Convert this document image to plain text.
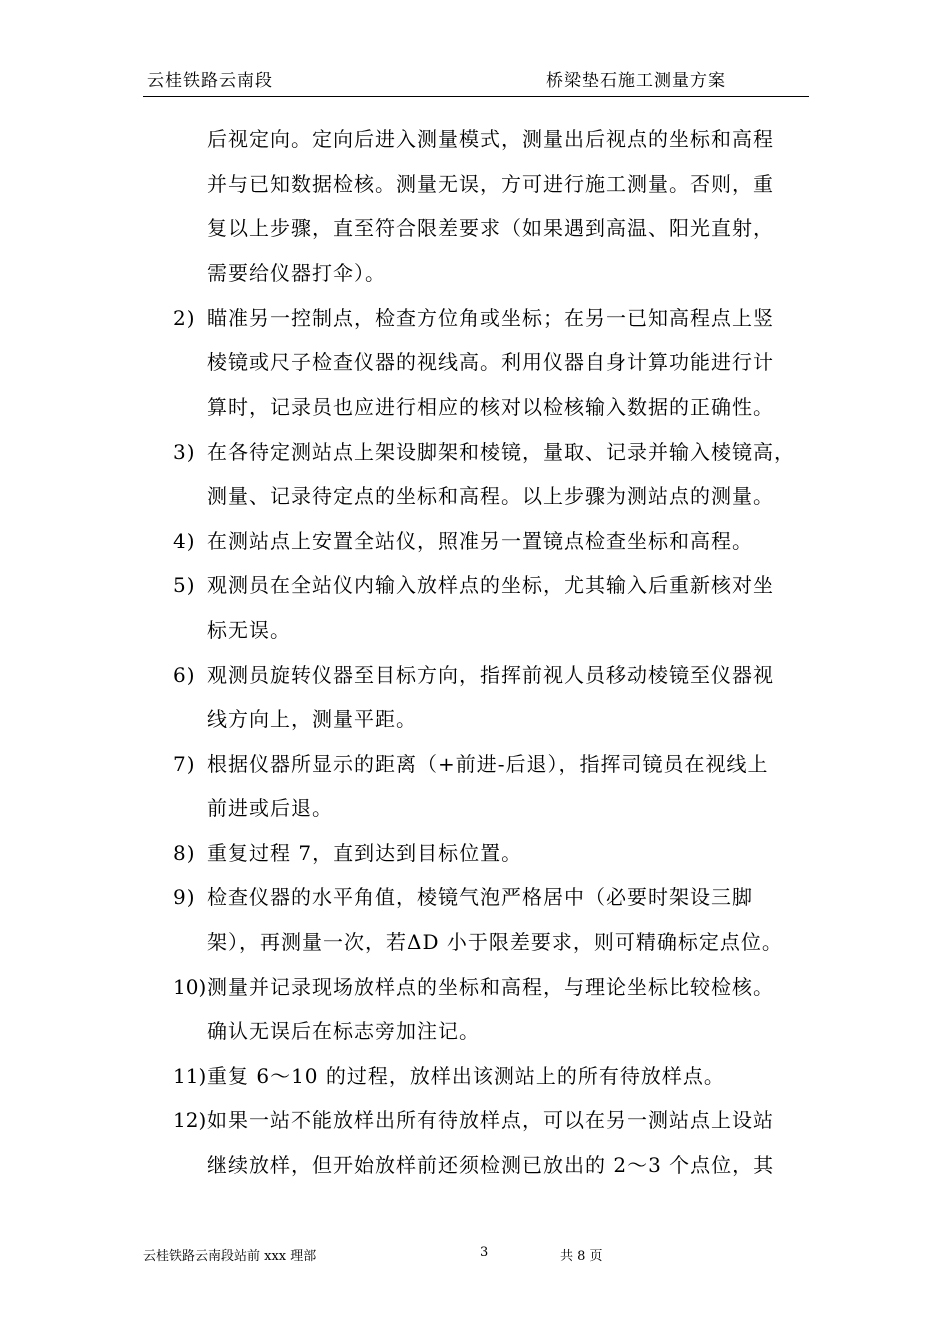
云桂铁路云南段	桥梁垫石施工测量方案
后视定向。定向后进入测量模式，测量出后视点的坐标和高程
并与已知数据检核。测量无误，方可进行施工测量。否则，重
复以上步骤，直至符合限差要求（如果遇到高温、阳光直射，
需要给仪器打伞）。
2) 瞄准另一控制点，检查方位角或坐标；在另一已知高程点上竖
棱镜或尺子检查仪器的视线高。利用仪器自身计算功能进行计
算时，记录员也应进行相应的核对以检核输入数据的正确性。
3) 在各待定测站点上架设脚架和棱镜，量取、记录并输入棱镜高，
测量、记录待定点的坐标和高程。以上步骤为测站点的测量。
4) 在测站点上安置全站仪，照准另一置镜点检查坐标和高程。
5) 观测员在全站仪内输入放样点的坐标，尤其输入后重新核对坐
标无误。
6) 观测员旋转仪器至目标方向，指挥前视人员移动棱镜至仪器视
线方向上，测量平距。
7) 根据仪器所显示的距离（+前进-后退），指挥司镜员在视线上
前进或后退。
8) 重复过程 7，直到达到目标位置。
9) 检查仪器的水平角值，棱镜气泡严格居中（必要时架设三脚
架），再测量一次，若ΔD 小于限差要求，则可精确标定点位。
10) 测量并记录现场放样点的坐标和高程，与理论坐标比较检核。
确认无误后在标志旁加注记。
11) 重复 6～10 的过程，放样出该测站上的所有待放样点。
12) 如果一站不能放样出所有待放样点，可以在另一测站点上设站
继续放样，但开始放样前还须检测已放出的 2～3 个点位，其
云桂铁路云南段站前 xxx 理部	3	共 8 页
